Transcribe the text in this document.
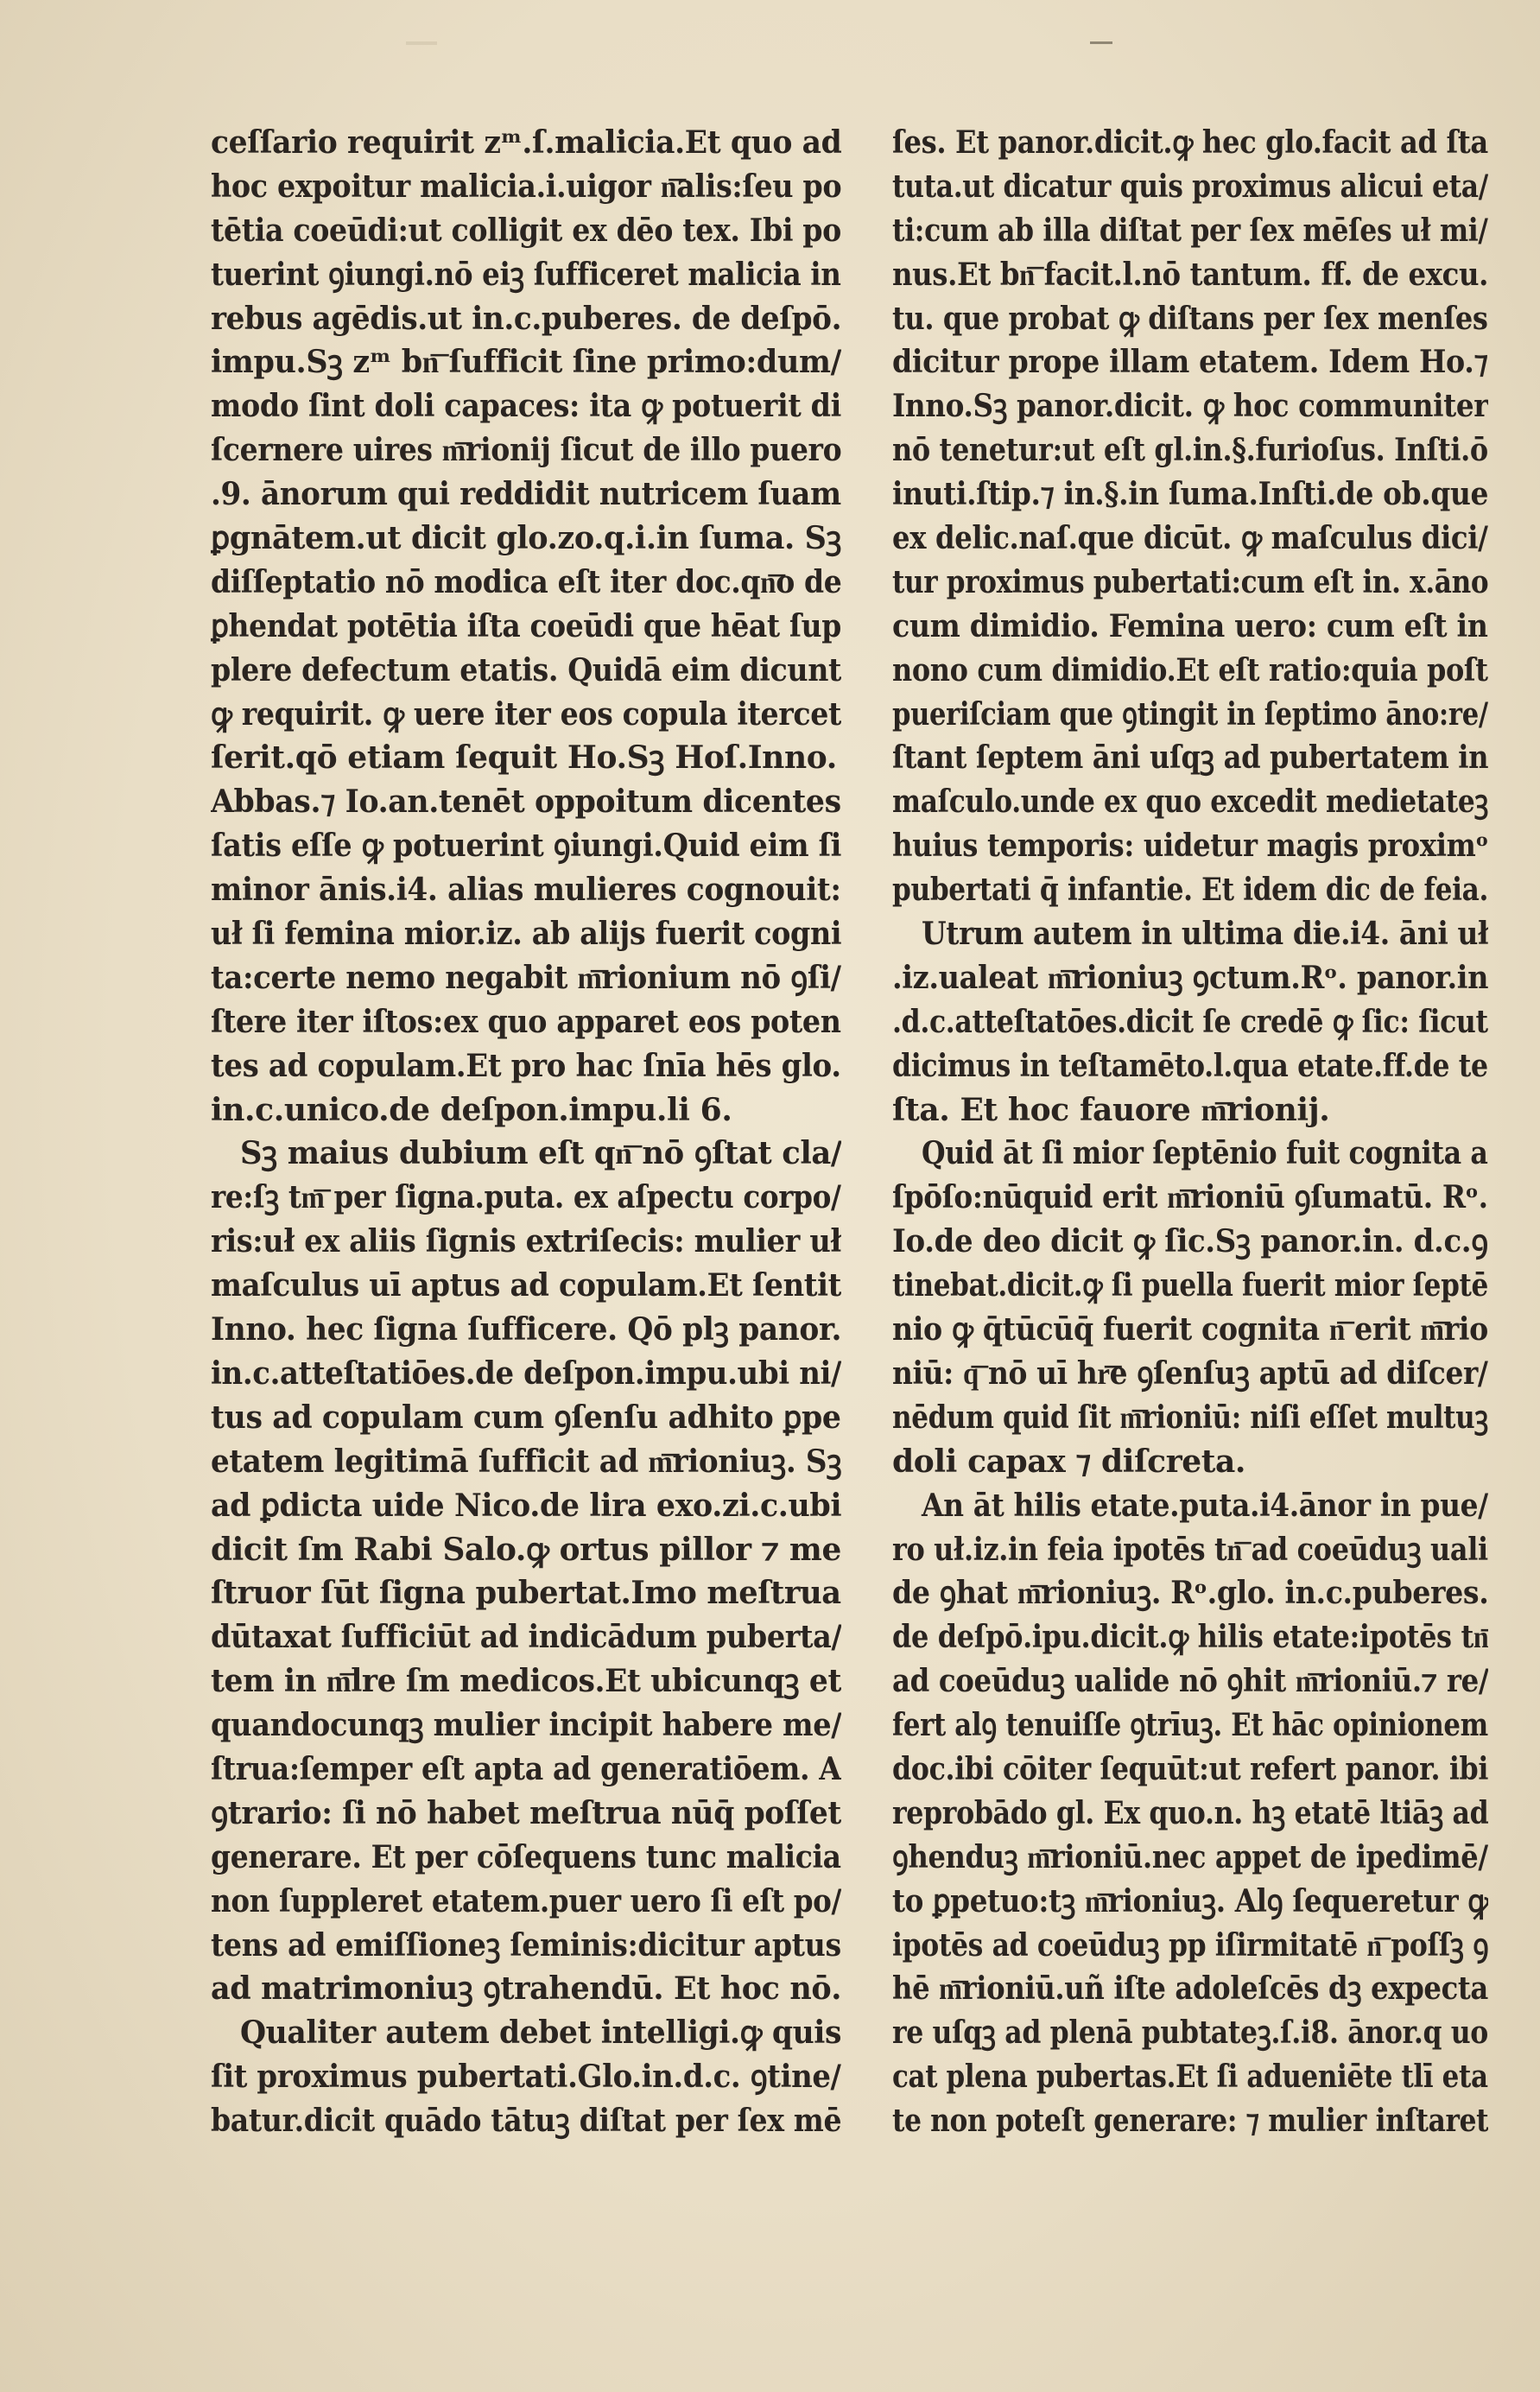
ceſſario requirit zᵐ.ſ.malicia.Et quo ad
hoc expoitur malicia.i.uigor n͞alis:ſeu po
tētia coeūdi:ut colligit ex dēo tex. Ibi po
tuerint ꝯiungi.nō eiꝫ ſufficeret malicia in
rebus agēdis.ut in.c.puberes. de deſpō.
impu.Sꝫ zᵐ bn͞ ſufficit ſine primo:dum/
modo ſint doli capaces: ita ꝙ potuerit di
ſcernere uires m͞rionij ſicut de illo puero
.9. ānorum qui reddidit nutricem ſuam
ꝑgnātem.ut dicit glo.zo.q.i.in ſuma. Sꝫ
diſſeptatio nō modica eſt iter doc.qn͞o de
ꝑhendat potētia iſta coeūdi que hēat ſup
plere defectum etatis. Quidā eim dicunt
ꝙ requirit. ꝙ uere iter eos copula itercet
ſerit.qō etiam ſequit Ho.Sꝫ Hoſ.Inno.
Abbas.⁊ Io.an.tenēt oppoitum dicentes
ſatis eſſe ꝙ potuerint ꝯiungi.Quid eim ſi
minor ānis.i4. alias mulieres cognouit:
uł ſi femina mior.iz. ab alijs fuerit cogni
ta:certe nemo negabit m͞rionium nō ꝯſi/
ſtere iter iſtos:ex quo apparet eos poten
tes ad copulam.Et pro hac ſnīa hēs glo.
in.c.unico.de deſpon.impu.li 6.
Sꝫ maius dubium eſt qn͞ nō ꝯſtat cla/
re:ſꝫ tm͞ per ſigna.puta. ex aſpectu corpo/
ris:uł ex aliis ſignis extriſecis: mulier uł
maſculus uī aptus ad copulam.Et ſentit
Inno. hec ſigna ſufficere. Qō plꝫ panor.
in.c.atteſtatiōes.de deſpon.impu.ubi ni/
tus ad copulam cum ꝯſenſu adhito ꝑpe
etatem legitimā ſufficit ad m͞rioniuꝫ. Sꝫ
ad ꝑdicta uide Nico.de lira exo.zi.c.ubi
dicit ſm Rabi Salo.ꝙ ortus pillor ⁊ me
ſtruor ſūt ſigna pubertat.Imo meſtrua
dūtaxat ſufficiūt ad indicādum puberta/
tem in m͞lre ſm medicos.Et ubicunqꝫ et
quandocunqꝫ mulier incipit habere me/
ſtrua:ſemper eſt apta ad generatiōem. A
ꝯtrario: ſi nō habet meſtrua nūq̄ poſſet
generare. Et per cōſequens tunc malicia
non ſuppleret etatem.puer uero ſi eſt po/
tens ad emiſſioneꝫ ſeminis:dicitur aptus
ad matrimoniuꝫ ꝯtrahendū. Et hoc nō.
Qualiter autem debet intelligi.ꝙ quis
ſit proximus pubertati.Glo.in.d.c. ꝯtine/
batur.dicit quādo tātuꝫ diſtat per ſex mē
ſes. Et panor.dicit.ꝙ hec glo.facit ad ſta
tuta.ut dicatur quis proximus alicui eta/
ti:cum ab illa diſtat per ſex mēſes uł mi/
nus.Et bn͞ facit.l.nō tantum. ff. de excu.
tu. que probat ꝙ diſtans per ſex menſes
dicitur prope illam etatem. Idem Ho.⁊
Inno.Sꝫ panor.dicit. ꝙ hoc communiter
nō tenetur:ut eſt gl.in.§.furioſus. Inſti.ō
inuti.ſtip.⁊ in.§.in ſuma.Inſti.de ob.que
ex delic.naſ.que dicūt. ꝙ maſculus dici/
tur proximus pubertati:cum eſt in. x.āno
cum dimidio. Femina uero: cum eſt in
nono cum dimidio.Et eſt ratio:quia poſt
pueriſciam que ꝯtingit in ſeptimo āno:re/
ſtant ſeptem āni uſqꝫ ad pubertatem in
maſculo.unde ex quo excedit medietateꝫ
huius temporis: uidetur magis proximᵒ
pubertati q̄ infantie. Et idem dic de feia.
Utrum autem in ultima die.i4. āni uł
.iz.ualeat m͞rioniuꝫ ꝯctum.Rᵒ. panor.in
.d.c.atteſtatōes.dicit ſe credē ꝙ ſic: ſicut
dicimus in teſtamēto.l.qua etate.ff.de te
ſta. Et hoc fauore m͞rionij.
Quid āt ſi mior ſeptēnio fuit cognita a
ſpōſo:nūquid erit m͞rioniū ꝯſumatū. Rᵒ.
Io.de deo dicit ꝙ ſic.Sꝫ panor.in. d.c.ꝯ
tinebat.dicit.ꝙ ſi puella fuerit mior ſeptē
nio ꝙ q̄tūcūq̄ fuerit cognita n͞ erit m͞rio
niū: q͞ nō uī hr͞e ꝯſenſuꝫ aptū ad diſcer/
nēdum quid ſit m͞rioniū: niſi eſſet multuꝫ
doli capax ⁊ diſcreta.
An āt hilis etate.puta.i4.ānor in pue/
ro uł.iz.in feia ipotēs tn͞ ad coeūduꝫ uali
de ꝯhat m͞rioniuꝫ. Rᵒ.glo. in.c.puberes.
de deſpō.ipu.dicit.ꝙ hilis etate:ipotēs tn͞
ad coeūduꝫ ualide nō ꝯhit m͞rioniū.⁊ re/
fert alꝯ tenuiſſe ꝯtrīuꝫ. Et hāc opinionem
doc.ibi cōiter ſequūt:ut refert panor. ibi
reprobādo gl. Ex quo.n. hꝫ etatē ltiāꝫ ad
ꝯhenduꝫ m͞rioniū.nec appet de ipedimē/
to ꝑpetuo:tꝫ m͞rioniuꝫ. Alꝯ ſequeretur ꝙ
ipotēs ad coeūduꝫ pp iſirmitatē n͞ poſſꝫ ꝯ
hē m͞rioniū.uñ iſte adoleſcēs dꝫ expecta
re uſqꝫ ad plenā pubtateꝫ.ſ.i8. ānor.q uo
cat plena pubertas.Et ſi adueniēte tlī eta
te non poteſt generare: ⁊ mulier inſtaret
